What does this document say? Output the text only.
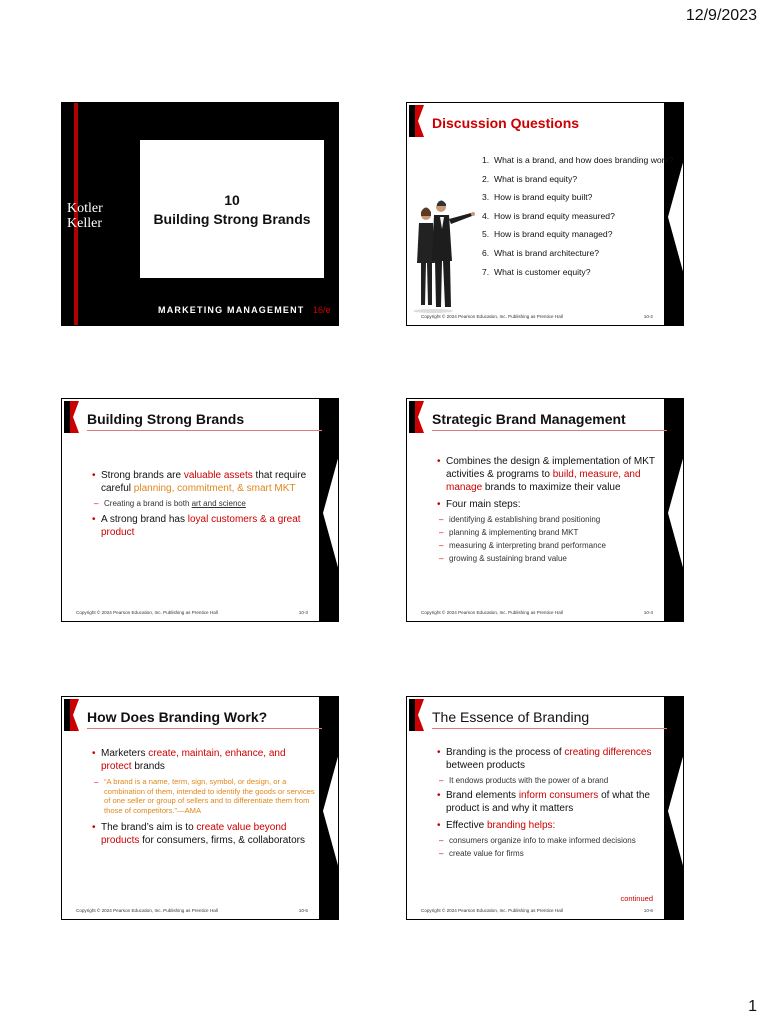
12/9/2023
Kotler
Keller
10
Building Strong Brands
MARKETING MANAGEMENT 16/e
Discussion Questions
1. What is a brand, and how does branding work?
2. What is brand equity?
3. How is brand equity built?
4. How is brand equity measured?
5. How is brand equity managed?
6. What is brand architecture?
7. What is customer equity?
Copyright © 2024 Pearson Education, Inc. Publishing as Prentice Hall	10-2
Building Strong Brands
• Strong brands are valuable assets that require careful planning, commitment, & smart MKT
– Creating a brand is both art and science
• A strong brand has loyal customers & a great product
Copyright © 2024 Pearson Education, Inc. Publishing as Prentice Hall	10-3
Strategic Brand Management
• Combines the design & implementation of MKT activities & programs to build, measure, and manage brands to maximize their value
• Four main steps:
– identifying & establishing brand positioning
– planning & implementing brand MKT
– measuring & interpreting brand performance
– growing & sustaining brand value
Copyright © 2024 Pearson Education, Inc. Publishing as Prentice Hall	10-4
How Does Branding Work?
• Marketers create, maintain, enhance, and protect brands
– “A brand is a name, term, sign, symbol, or design, or a combination of them, intended to identify the goods or services of one seller or group of sellers and to differentiate them from those of competitors.”—AMA
• The brand’s aim is to create value beyond products for consumers, firms, & collaborators
Copyright © 2024 Pearson Education, Inc. Publishing as Prentice Hall	10-5
The Essence of Branding
• Branding is the process of creating differences between products
– It endows products with the power of a brand
• Brand elements inform consumers of what the product is and why it matters
• Effective branding helps:
– consumers organize info to make informed decisions
– create value for firms
continued
Copyright © 2024 Pearson Education, Inc. Publishing as Prentice Hall	10-6
1
